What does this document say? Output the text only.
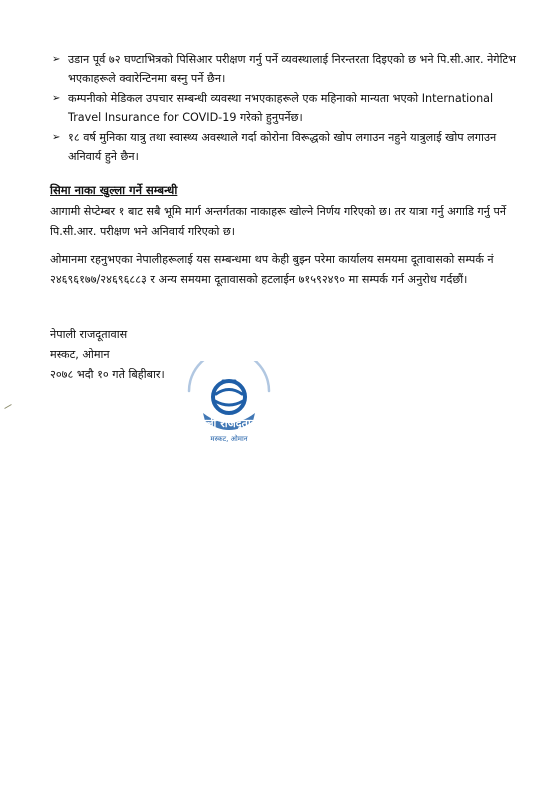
➢ उडान पूर्व ७२ घण्टाभित्रको पिसिआर परीक्षण गर्नु पर्ने व्यवस्थालाई निरन्तरता दिइएको छ भने पि.सी.आर. नेगेटिभ भएकाहरूले क्वारेन्टिनमा बस्नु पर्ने छैन।
➢ कम्पनीको मेडिकल उपचार सम्बन्धी व्यवस्था नभएकाहरूले एक महिनाको मान्यता भएको International Travel Insurance for COVID-19 गरेको हुनुपर्नेछ।
➢ १८ वर्ष मुनिका यात्रु तथा स्वास्थ्य अवस्थाले गर्दा कोरोना विरूद्धको खोप लगाउन नहुने यात्रुलाई खोप लगाउन अनिवार्य हुने छैन।
सिमा नाका खुल्ला गर्ने सम्बन्धी
आगामी सेप्टेम्बर १ बाट सबै भूमि मार्ग अन्तर्गतका नाकाहरू खोल्ने निर्णय गरिएको छ। तर यात्रा गर्नु अगाडि गर्नु पर्ने पि.सी.आर. परीक्षण भने अनिवार्य गरिएको छ।
ओमानमा रहनुभएका नेपालीहरूलाई यस सम्बन्धमा थप केही बुझ्न परेमा कार्यालय समयमा दूतावासको सम्पर्क नं २४६९६१७७/२४६९६८८३ र अन्य समयमा दूतावासको हटलाईन ७१५९२४९० मा सम्पर्क गर्न अनुरोध गर्दछौं।
नेपाली राजदूतावास
मस्कट, ओमान
२०७८ भदौ १० गते बिहीबार।
नेपाली राजदूतावास
मस्कट, ओमान
